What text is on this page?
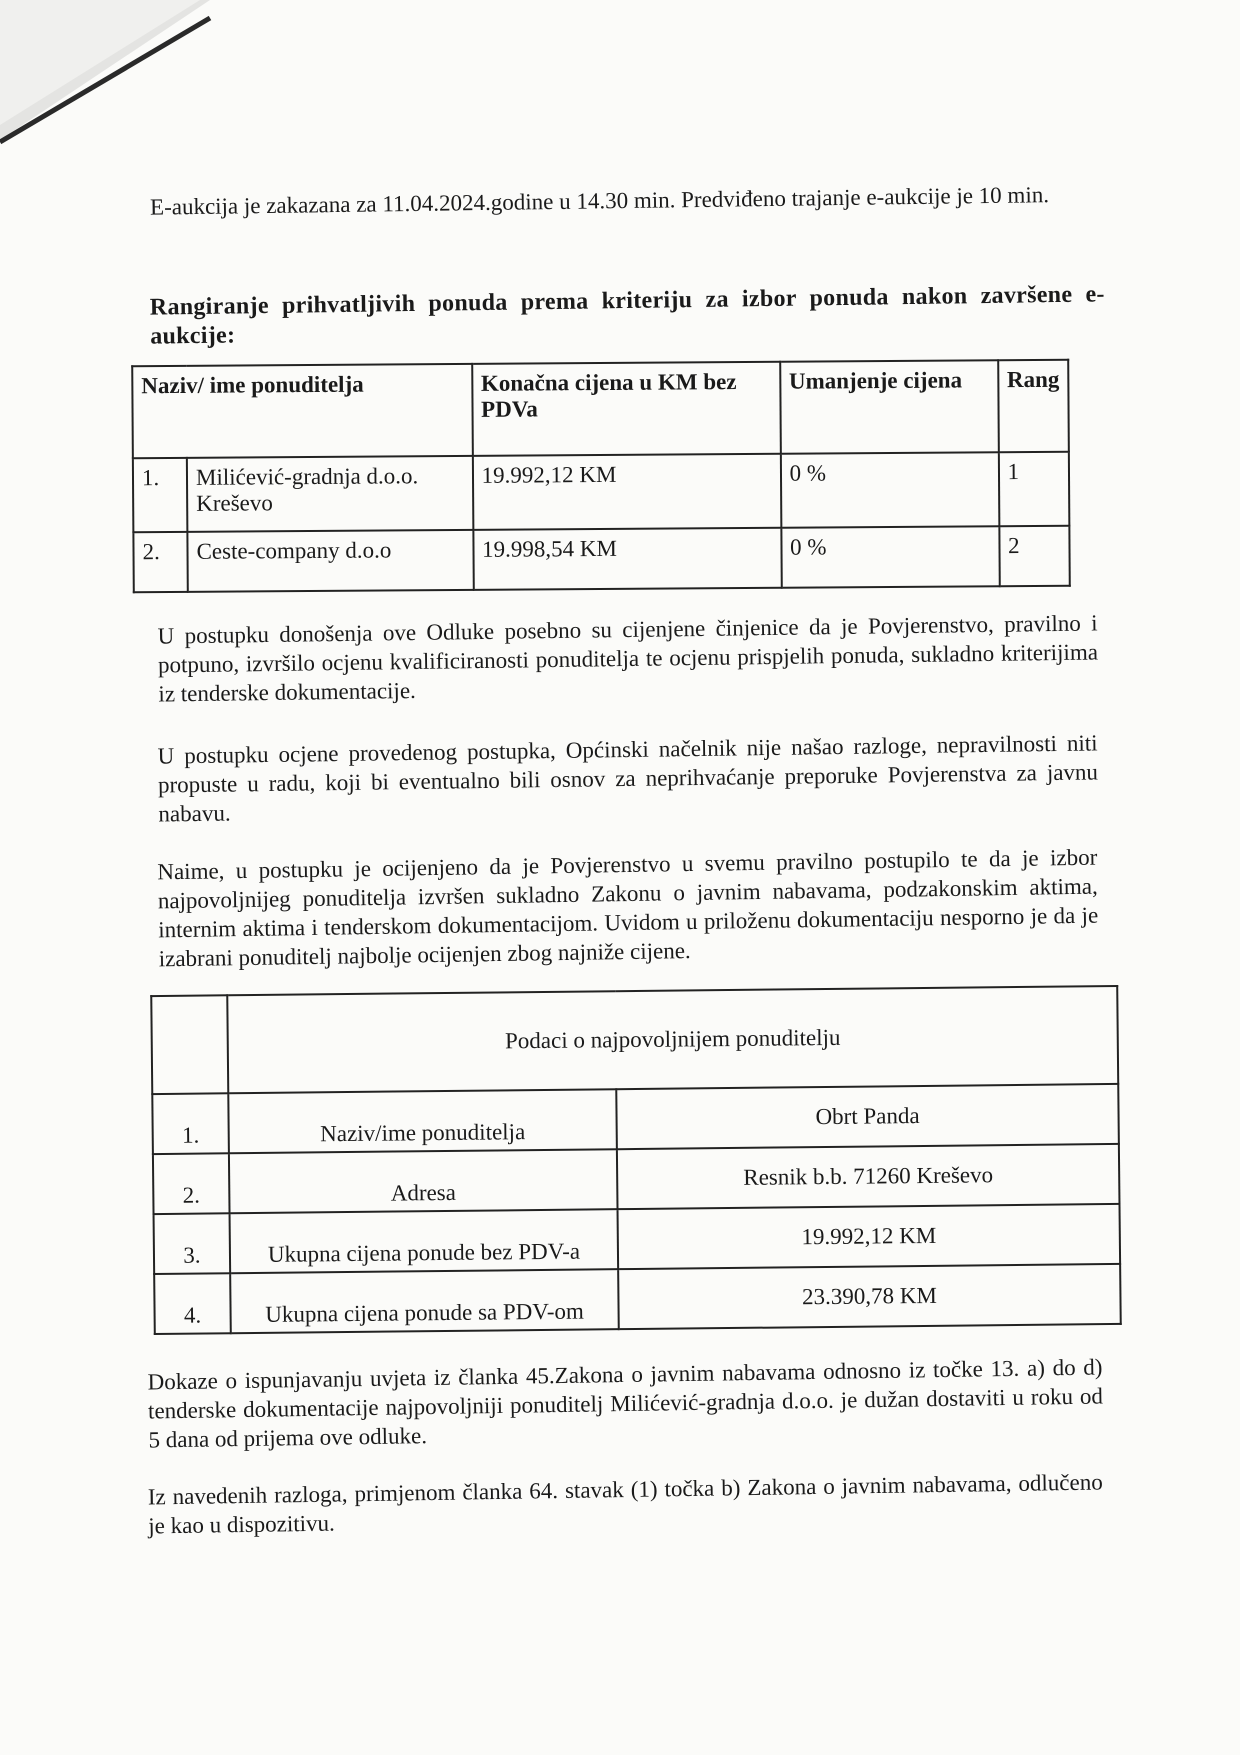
E-aukcija je zakazana za 11.04.2024.godine u 14.30 min. Predviđeno trajanje e-aukcije je 10 min.
Rangiranje prihvatljivih ponuda prema kriteriju za izbor ponuda nakon završene e-aukcije:
Naziv/ ime ponuditelja		Konačna cijena u KM bez PDVa	Umanjenje cijena	Rang
1.	Milićević-gradnja d.o.o. Kreševo	19.992,12 KM	0 %	1
2.	Ceste-company d.o.o	19.998,54 KM	0 %	2
U postupku donošenja ove Odluke posebno su cijenjene činjenice da je Povjerenstvo, pravilno i potpuno, izvršilo ocjenu kvalificiranosti ponuditelja te ocjenu prispjelih ponuda, sukladno kriterijima iz tenderske dokumentacije.
U postupku ocjene provedenog postupka, Općinski načelnik nije našao razloge, nepravilnosti niti propuste u radu, koji bi eventualno bili osnov za neprihvaćanje preporuke Povjerenstva za javnu nabavu.
Naime, u postupku je ocijenjeno da je Povjerenstvo u svemu pravilno postupilo te da je izbor najpovoljnijeg ponuditelja izvršen sukladno Zakonu o javnim nabavama, podzakonskim aktima, internim aktima i tenderskom dokumentacijom. Uvidom u priloženu dokumentaciju nesporno je da je izabrani ponuditelj najbolje ocijenjen zbog najniže cijene.
	Podaci o najpovoljnijem ponuditelju	
1.	Naziv/ime ponuditelja	Obrt Panda
2.	Adresa	Resnik b.b. 71260 Kreševo
3.	Ukupna cijena ponude bez PDV-a	19.992,12 KM
4.	Ukupna cijena ponude sa PDV-om	23.390,78 KM
Dokaze o ispunjavanju uvjeta iz članka 45.Zakona o javnim nabavama odnosno iz točke 13. a) do d) tenderske dokumentacije najpovoljniji ponuditelj Milićević-gradnja d.o.o. je dužan dostaviti u roku od 5 dana od prijema ove odluke.
Iz navedenih razloga, primjenom članka 64. stavak (1) točka b) Zakona o javnim nabavama, odlučeno je kao u dispozitivu.
